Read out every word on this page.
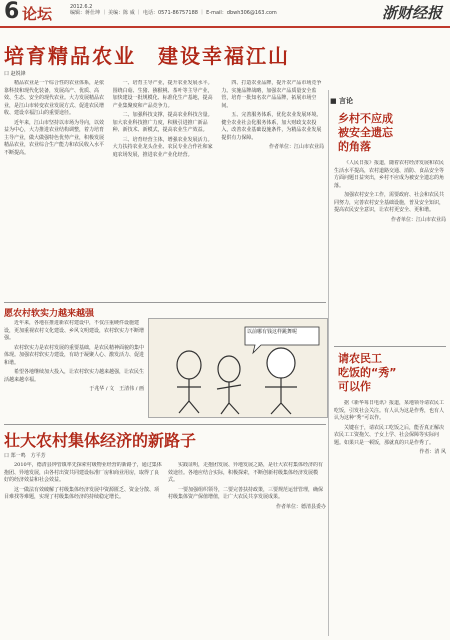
6 论坛	2012.6.2
编辑：蒋仕坤 ｜ 美编：陈 威 ｜ 电话：0571-86757188 ｜ E-mail：dbwh306@163.com	浙财经报
培育精品农业　建设幸福江山
口 赵锐锋

精品农业是一个综合性的农业体系，是依靠科技和现代化装备，发展高产、优质、高效、生态、安全的现代农业。大力发展精品农业，是江山市转变农业发展方式、促进农民增收、建设幸福江山的重要途径。

近年来，江山市坚持以市场为导向，以效益为中心，大力推进农业结构调整，着力培育主导产业，做大做强特色优势产业，积极发展精品农业，农业综合生产能力和农民收入水平不断提高。

一、培育主导产业，提升农业发展水平。围绕白菇、生猪、猕猴桃、茶叶等主导产业，加快建设一批规模化、标准化生产基地，提高产业集聚度和产品竞争力。

二、加强科技支撑，提高农业科技含量。加大农业科技推广力度，积极引进推广新品种、新技术、新模式，提高农业生产效益。

三、培育经营主体，增强农业发展活力。大力扶持农业龙头企业、农民专业合作社和家庭农场发展，推进农业产业化经营。

四、打造农业品牌，提升农产品市场竞争力。实施品牌战略，加强农产品质量安全监管，培育一批知名农产品品牌，拓展市场空间。

五、完善服务体系，优化农业发展环境。健全农业社会化服务体系，加大财政支农投入，改善农业基础设施条件，为精品农业发展提供有力保障。

作者单位：江山市农业局

愿农村软实力越来越强

近年来，各地在推进新农村建设中，不仅注重硬件设施建设，更加重视农村文化建设、乡风文明建设，农村软实力不断增强。

农村软实力是农村发展的重要基础，是农民精神面貌的集中体现。加强农村软实力建设，有助于凝聚人心、激发活力、促进和谐。

希望各地继续加大投入，让农村软实力越来越强，让农民生活越来越幸福。

于兆华 / 文　王清伟 / 画

以前哪有钱这样跳舞呢
壮大农村集体经济的新路子
口 郑一鸣　方平芳

2010年，德清县钟管镇率先探索村级物业经营的新路子，通过集体抱团、异地发展，由各村出资共同建设标准厂房和商业用房，取得了良好的经济效益和社会效益。

这一做法有效破解了村级集体经济发展中资源匮乏、资金分散、项目难找等难题，实现了村级集体经济的持续稳定增长。

实践证明，走抱团发展、异地发展之路，是壮大农村集体经济的有效途径。各地应结合实际，积极探索，不断创新村级集体经济发展模式。

一要加强组织领导，二要完善扶持政策，三要规范运营管理，确保村级集体资产保值增值，让广大农民共享发展成果。

作者单位：德清县委办

■ 言论
乡村不应成
被安全遗忘
的角落

《人民日报》报道，随着农村经济发展和农民生活水平提高，农村道路交通、消防、食品安全等方面问题日益突出，乡村不应成为被安全遗忘的角落。

加强农村安全工作，需要政府、社会和农民共同努力，完善农村安全基础设施，普及安全知识，提高农民安全意识，让农村更安全、更和谐。

作者单位：江山市农业局

请农民工
吃饭的“秀”
可以作

据《新华每日电讯》报道，某地领导请农民工吃饭，引发社会关注。有人认为这是作秀，也有人认为这种“秀”可以作。

关键在于，请农民工吃饭之后，能否真正解决农民工工资拖欠、子女上学、社会保障等实际问题。如果只是一顿饭，那就真的只是作秀了。

作者：清 风
